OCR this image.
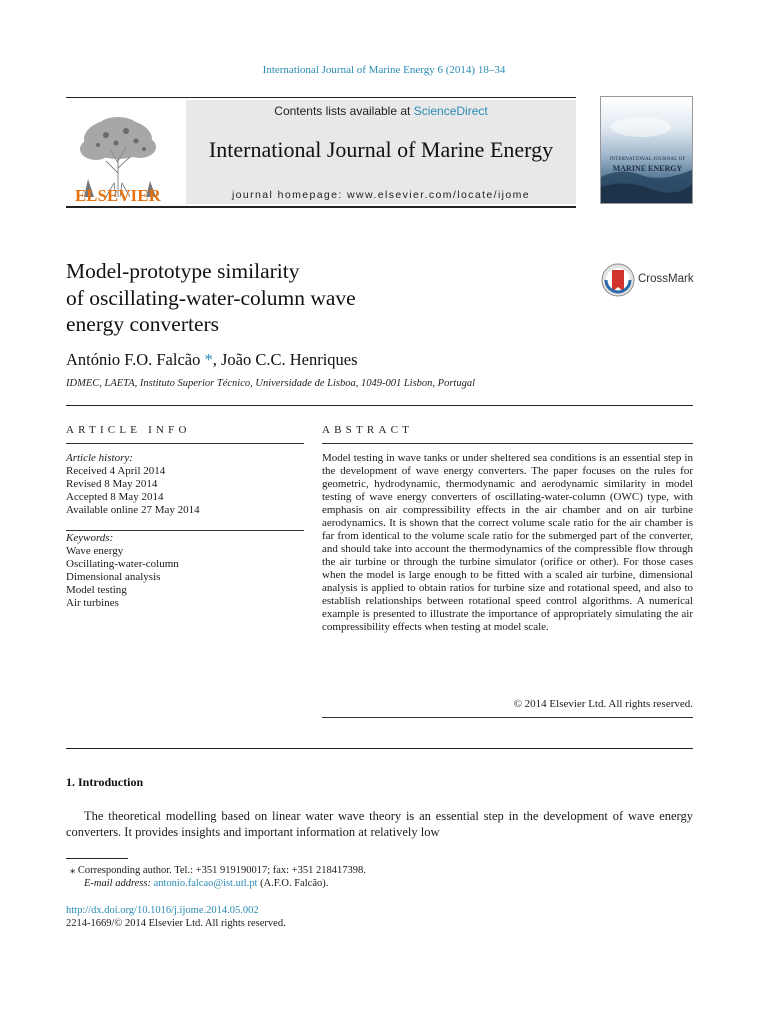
International Journal of Marine Energy 6 (2014) 18–34
ELSEVIER
Contents lists available at ScienceDirect
International Journal of Marine Energy
journal homepage: www.elsevier.com/locate/ijome
INTERNATIONAL JOURNAL OF
MARINE ENERGY
Model-prototype similarity
of oscillating-water-column wave
energy converters
CrossMark
António F.O. Falcão *, João C.C. Henriques
IDMEC, LAETA, Instituto Superior Técnico, Universidade de Lisboa, 1049-001 Lisbon, Portugal
ARTICLE INFO	ABSTRACT
Article history:
Received 4 April 2014
Revised 8 May 2014
Accepted 8 May 2014
Available online 27 May 2014
Keywords:
Wave energy
Oscillating-water-column
Dimensional analysis
Model testing
Air turbines
Model testing in wave tanks or under sheltered sea conditions is an essential step in the development of wave energy converters. The paper focuses on the rules for geometric, hydrodynamic, thermodynamic and aerodynamic similarity in model testing of wave energy converters of oscillating-water-column (OWC) type, with emphasis on air compressibility effects in the air chamber and on air turbine aerodynamics. It is shown that the correct volume scale ratio for the air chamber is far from identical to the volume scale ratio for the submerged part of the converter, and should take into account the thermodynamics of the compressible flow through the air turbine or through the turbine simulator (orifice or other). For those cases when the model is large enough to be fitted with a scaled air turbine, dimensional analysis is applied to obtain ratios for turbine size and rotational speed, and also to establish relationships between rotational speed control algorithms. A numerical example is presented to illustrate the importance of appropriately simulating the air compressibility effects when testing at model scale.
© 2014 Elsevier Ltd. All rights reserved.
1. Introduction
The theoretical modelling based on linear water wave theory is an essential step in the development of wave energy converters. It provides insights and important information at relatively low
⁎ Corresponding author. Tel.: +351 919190017; fax: +351 218417398.
E-mail address: antonio.falcao@ist.utl.pt (A.F.O. Falcão).
http://dx.doi.org/10.1016/j.ijome.2014.05.002
2214-1669/© 2014 Elsevier Ltd. All rights reserved.
